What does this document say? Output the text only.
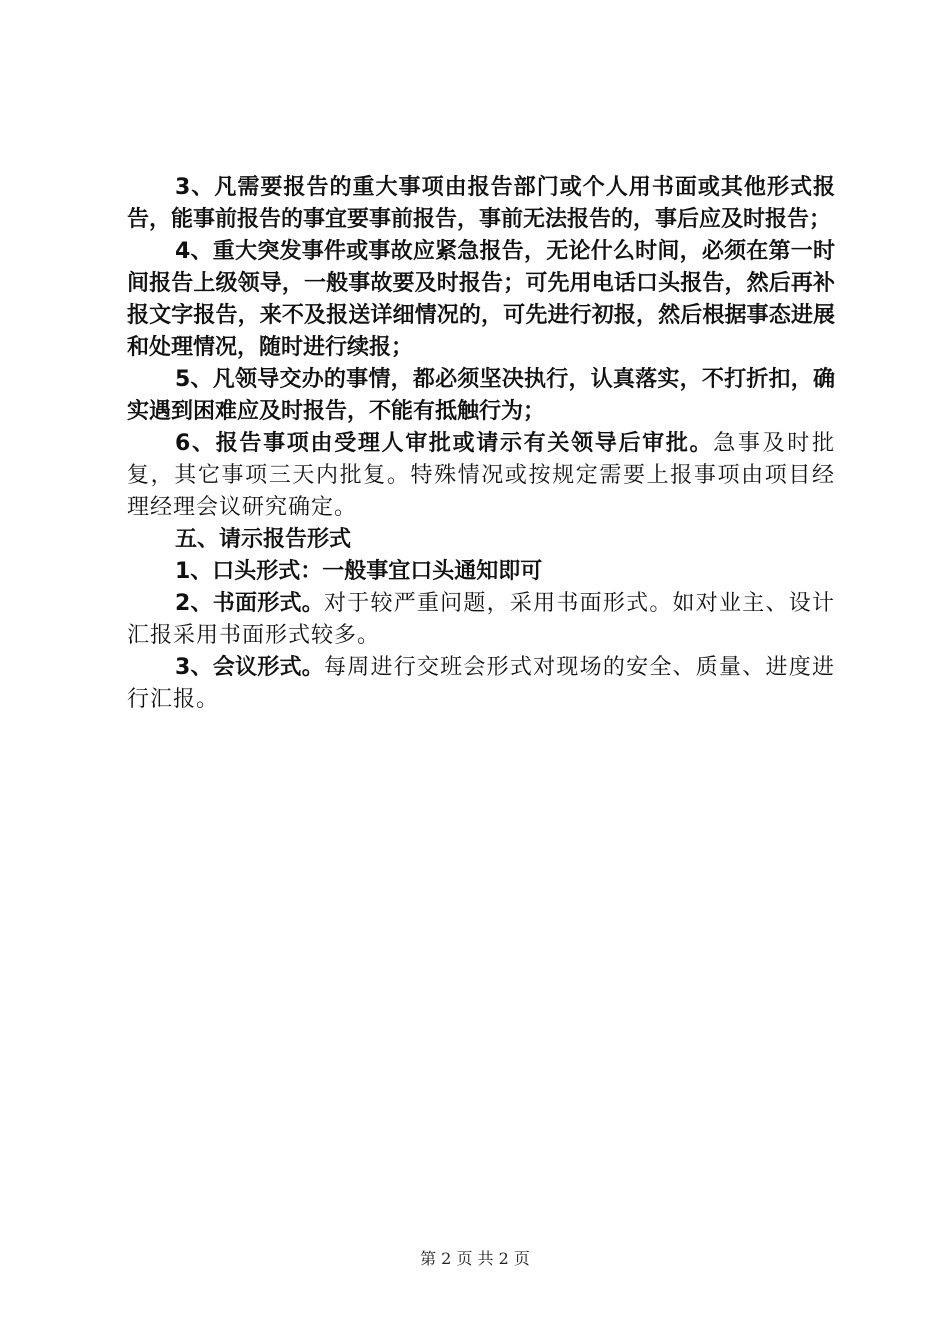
3、凡需要报告的重大事项由报告部门或个人用书面或其他形式报告，能事前报告的事宜要事前报告，事前无法报告的，事后应及时报告；

4、重大突发事件或事故应紧急报告，无论什么时间，必须在第一时间报告上级领导，一般事故要及时报告；可先用电话口头报告，然后再补报文字报告，来不及报送详细情况的，可先进行初报，然后根据事态进展和处理情况，随时进行续报；

5、凡领导交办的事情，都必须坚决执行，认真落实，不打折扣，确实遇到困难应及时报告，不能有抵触行为；

6、报告事项由受理人审批或请示有关领导后审批。急事及时批复，其它事项三天内批复。特殊情况或按规定需要上报事项由项目经理经理会议研究确定。

五、请示报告形式

1、口头形式：一般事宜口头通知即可

2、书面形式。对于较严重问题，采用书面形式。如对业主、设计汇报采用书面形式较多。

3、会议形式。每周进行交班会形式对现场的安全、质量、进度进行汇报。

第 2 页 共 2 页
